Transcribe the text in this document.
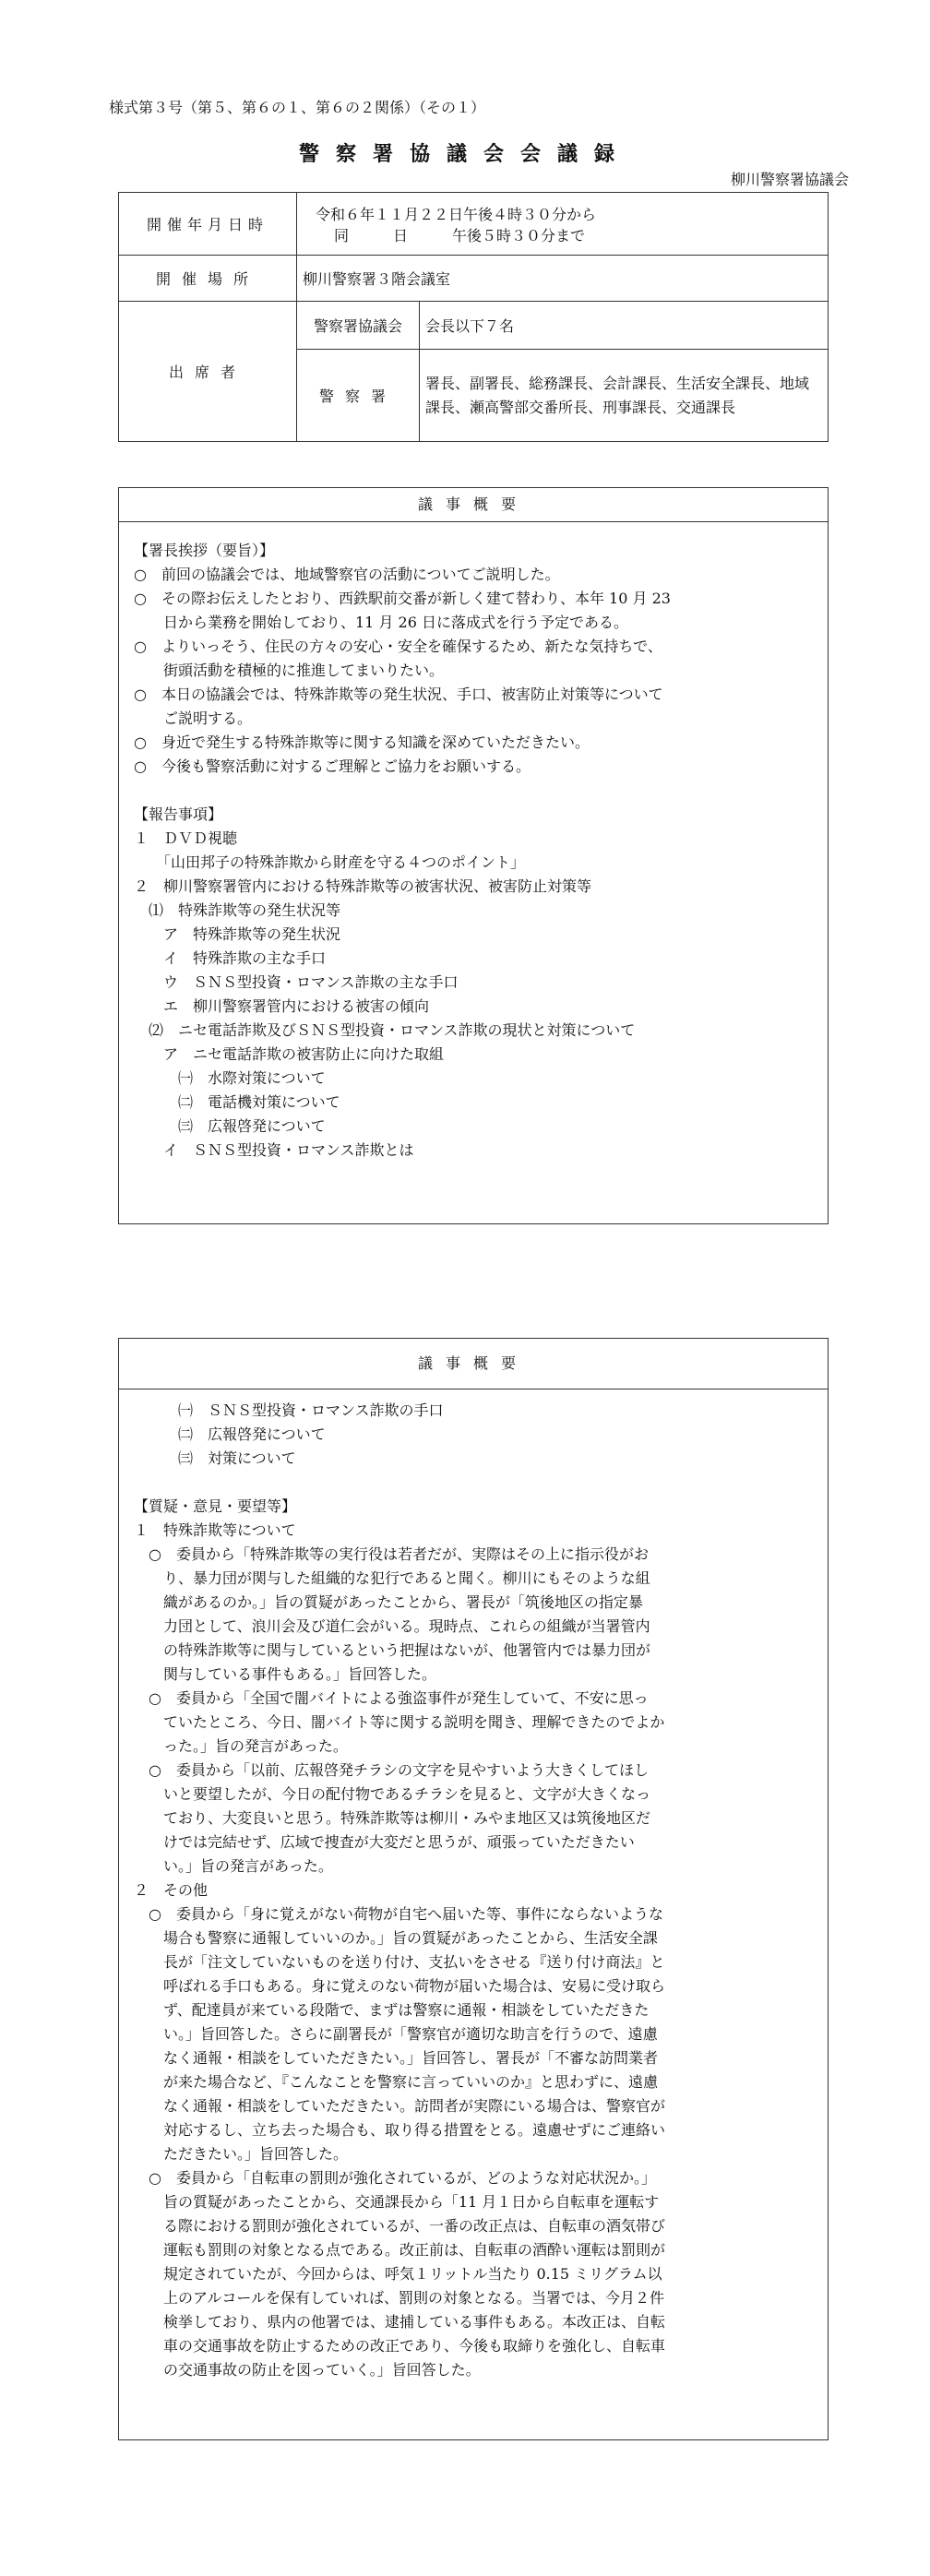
様式第３号（第５、第６の１、第６の２関係）（その１）
警察署協議会会議録
柳川警察署協議会
開催年月日時	令和６年１１月２２日午後４時３０分から
同　　　日　　　午後５時３０分まで	

開催場所	柳川警察署３階会議室	
出席者	警察署協議会	会長以下７名
	警察署	署長、副署長、総務課長、会計課長、生活安全課長、地域課長、瀬高警部交番所長、刑事課長、交通課長
議事概要
【署長挨拶（要旨）】
○　前回の協議会では、地域警察官の活動についてご説明した。
○　その際お伝えしたとおり、西鉄駅前交番が新しく建て替わり、本年 10 月 23
　　日から業務を開始しており、11 月 26 日に落成式を行う予定である。
○　よりいっそう、住民の方々の安心・安全を確保するため、新たな気持ちで、
　　街頭活動を積極的に推進してまいりたい。
○　本日の協議会では、特殊詐欺等の発生状況、手口、被害防止対策等について
　　ご説明する。
○　身近で発生する特殊詐欺等に関する知識を深めていただきたい。
○　今後も警察活動に対するご理解とご協力をお願いする。
【報告事項】
１　ＤＶＤ視聴
　　「山田邦子の特殊詐欺から財産を守る４つのポイント」
２　柳川警察署管内における特殊詐欺等の被害状況、被害防止対策等
　⑴　特殊詐欺等の発生状況等
　　ア　特殊詐欺等の発生状況
　　イ　特殊詐欺の主な手口
　　ウ　ＳＮＳ型投資・ロマンス詐欺の主な手口
　　エ　柳川警察署管内における被害の傾向
　⑵　ニセ電話詐欺及びＳＮＳ型投資・ロマンス詐欺の現状と対策について
　　ア　ニセ電話詐欺の被害防止に向けた取組
　　　㈠　水際対策について
　　　㈡　電話機対策について
　　　㈢　広報啓発について
　　イ　ＳＮＳ型投資・ロマンス詐欺とは
議事概要
　　　㈠　ＳＮＳ型投資・ロマンス詐欺の手口
　　　㈡　広報啓発について
　　　㈢　対策について
【質疑・意見・要望等】
１　特殊詐欺等について
　○　委員から「特殊詐欺等の実行役は若者だが、実際はその上に指示役がお
　　り、暴力団が関与した組織的な犯行であると聞く。柳川にもそのような組
　　織があるのか。」旨の質疑があったことから、署長が「筑後地区の指定暴
　　力団として、浪川会及び道仁会がいる。現時点、これらの組織が当署管内
　　の特殊詐欺等に関与しているという把握はないが、他署管内では暴力団が
　　関与している事件もある。」旨回答した。
　○　委員から「全国で闇バイトによる強盗事件が発生していて、不安に思っ
　　ていたところ、今日、闇バイト等に関する説明を聞き、理解できたのでよか
　　った。」旨の発言があった。
　○　委員から「以前、広報啓発チラシの文字を見やすいよう大きくしてほし
　　いと要望したが、今日の配付物であるチラシを見ると、文字が大きくなっ
　　ており、大変良いと思う。特殊詐欺等は柳川・みやま地区又は筑後地区だ
　　けでは完結せず、広域で捜査が大変だと思うが、頑張っていただきたい
　　い。」旨の発言があった。
２　その他
　○　委員から「身に覚えがない荷物が自宅へ届いた等、事件にならないような
　　場合も警察に通報していいのか。」旨の質疑があったことから、生活安全課
　　長が「注文していないものを送り付け、支払いをさせる『送り付け商法』と
　　呼ばれる手口もある。身に覚えのない荷物が届いた場合は、安易に受け取ら
　　ず、配達員が来ている段階で、まずは警察に通報・相談をしていただきた
　　い。」旨回答した。さらに副署長が「警察官が適切な助言を行うので、遠慮
　　なく通報・相談をしていただきたい。」旨回答し、署長が「不審な訪問業者
　　が来た場合など、『こんなことを警察に言っていいのか』と思わずに、遠慮
　　なく通報・相談をしていただきたい。訪問者が実際にいる場合は、警察官が
　　対応するし、立ち去った場合も、取り得る措置をとる。遠慮せずにご連絡い
　　ただきたい。」旨回答した。
　○　委員から「自転車の罰則が強化されているが、どのような対応状況か。」
　　旨の質疑があったことから、交通課長から「11 月１日から自転車を運転す
　　る際における罰則が強化されているが、一番の改正点は、自転車の酒気帯び
　　運転も罰則の対象となる点である。改正前は、自転車の酒酔い運転は罰則が
　　規定されていたが、今回からは、呼気１リットル当たり 0.15 ミリグラム以
　　上のアルコールを保有していれば、罰則の対象となる。当署では、今月２件
　　検挙しており、県内の他署では、逮捕している事件もある。本改正は、自転
　　車の交通事故を防止するための改正であり、今後も取締りを強化し、自転車
　　の交通事故の防止を図っていく。」旨回答した。
